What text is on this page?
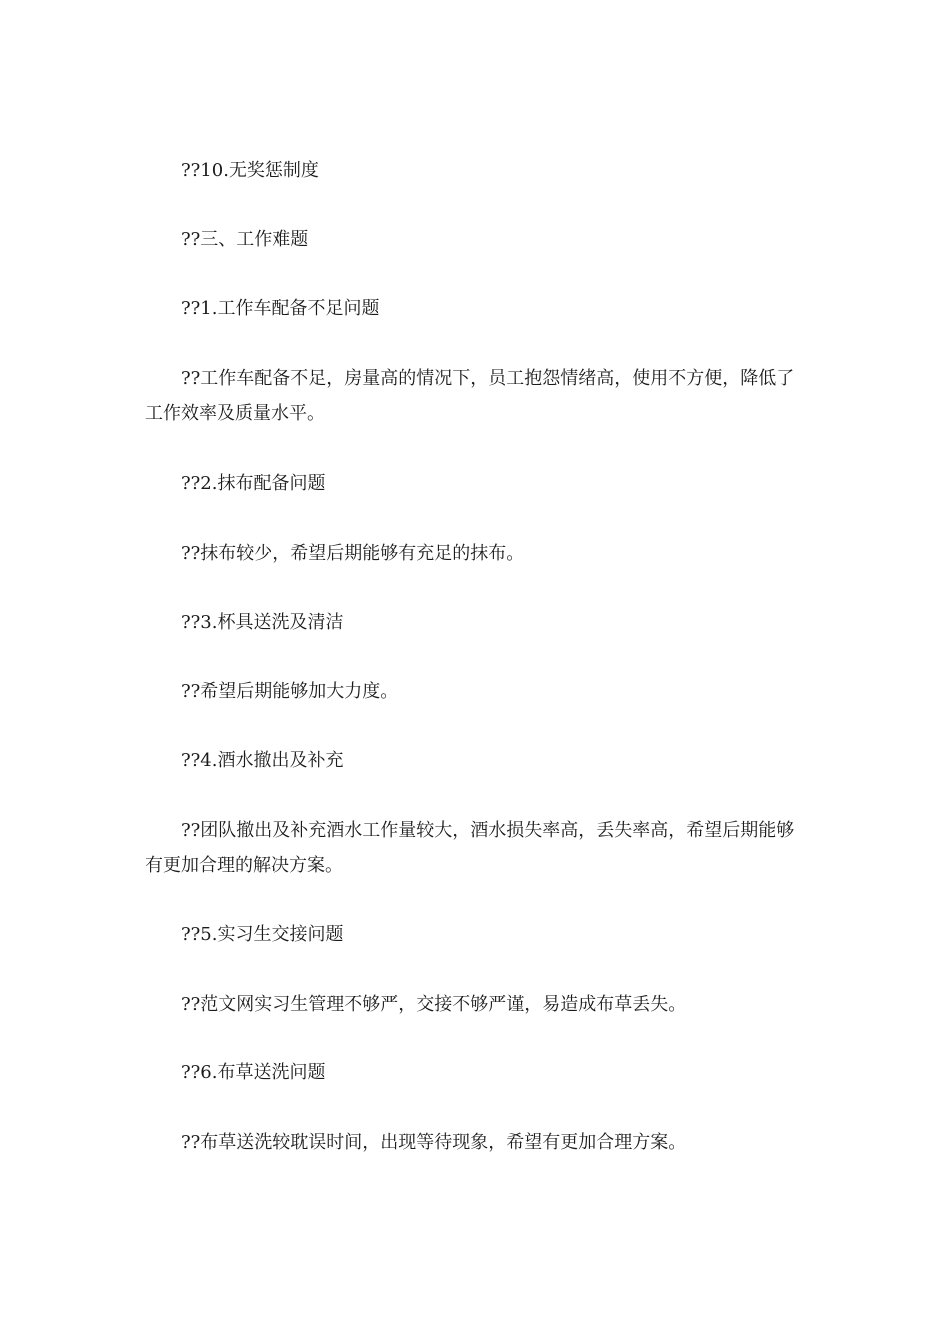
??10.无奖惩制度

??三、工作难题

??1.工作车配备不足问题

??工作车配备不足，房量高的情况下，员工抱怨情绪高，使用不方便，降低了工作效率及质量水平。

??2.抹布配备问题

??抹布较少，希望后期能够有充足的抹布。

??3.杯具送洗及清洁

??希望后期能够加大力度。

??4.酒水撤出及补充

??团队撤出及补充酒水工作量较大，酒水损失率高，丢失率高，希望后期能够有更加合理的解决方案。

??5.实习生交接问题

??范文网实习生管理不够严，交接不够严谨，易造成布草丢失。

??6.布草送洗问题

??布草送洗较耽误时间，出现等待现象，希望有更加合理方案。
